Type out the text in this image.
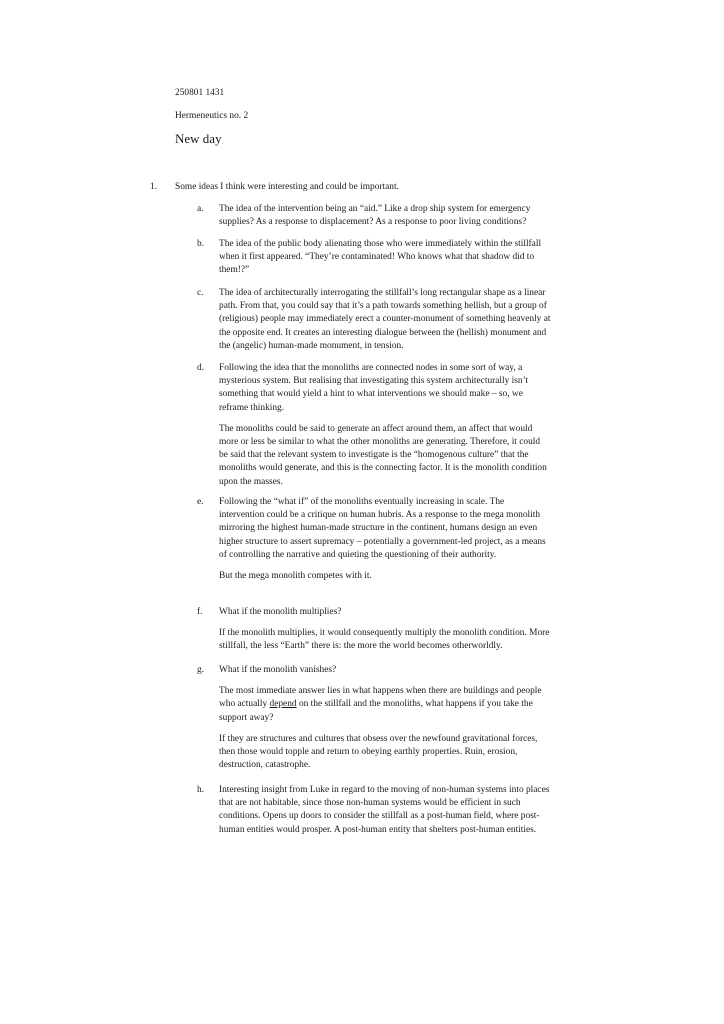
250801 1431
Hermeneutics no. 2
New day
1. Some ideas I think were interesting and could be important.
a.	The idea of the intervention being an “aid.” Like a drop ship system for emergency supplies? As a response to displacement? As a response to poor living conditions?

b.	The idea of the public body alienating those who were immediately within the stillfall when it first appeared. “They’re contaminated! Who knows what that shadow did to them!?”

c.	The idea of architecturally interrogating the stillfall’s long rectangular shape as a linear path. From that, you could say that it’s a path towards something hellish, but a group of (religious) people may immediately erect a counter-monument of something heavenly at the opposite end. It creates an interesting dialogue between the (hellish) monument and the (angelic) human-made monument, in tension.

d.	Following the idea that the monoliths are connected nodes in some sort of way, a mysterious system. But realising that investigating this system architecturally isn’t something that would yield a hint to what interventions we should make – so, we reframe thinking.

The monoliths could be said to generate an affect around them, an affect that would more or less be similar to what the other monoliths are generating. Therefore, it could be said that the relevant system to investigate is the “homogenous culture” that the monoliths would generate, and this is the connecting factor. It is the monolith condition upon the masses.

e.	Following the “what if” of the monoliths eventually increasing in scale. The intervention could be a critique on human hubris. As a response to the mega monolith mirroring the highest human-made structure in the continent, humans design an even higher structure to assert supremacy – potentially a government-led project, as a means of controlling the narrative and quieting the questioning of their authority.

But the mega monolith competes with it.

f.	What if the monolith multiplies?

If the monolith multiplies, it would consequently multiply the monolith condition. More stillfall, the less “Earth” there is: the more the world becomes otherworldly.

g.	What if the monolith vanishes?

The most immediate answer lies in what happens when there are buildings and people who actually depend on the stillfall and the monoliths, what happens if you take the support away?

If they are structures and cultures that obsess over the newfound gravitational forces, then those would topple and return to obeying earthly properties. Ruin, erosion, destruction, catastrophe.

h.	Interesting insight from Luke in regard to the moving of non-human systems into places that are not habitable, since those non-human systems would be efficient in such conditions. Opens up doors to consider the stillfall as a post-human field, where post-human entities would prosper. A post-human entity that shelters post-human entities.
